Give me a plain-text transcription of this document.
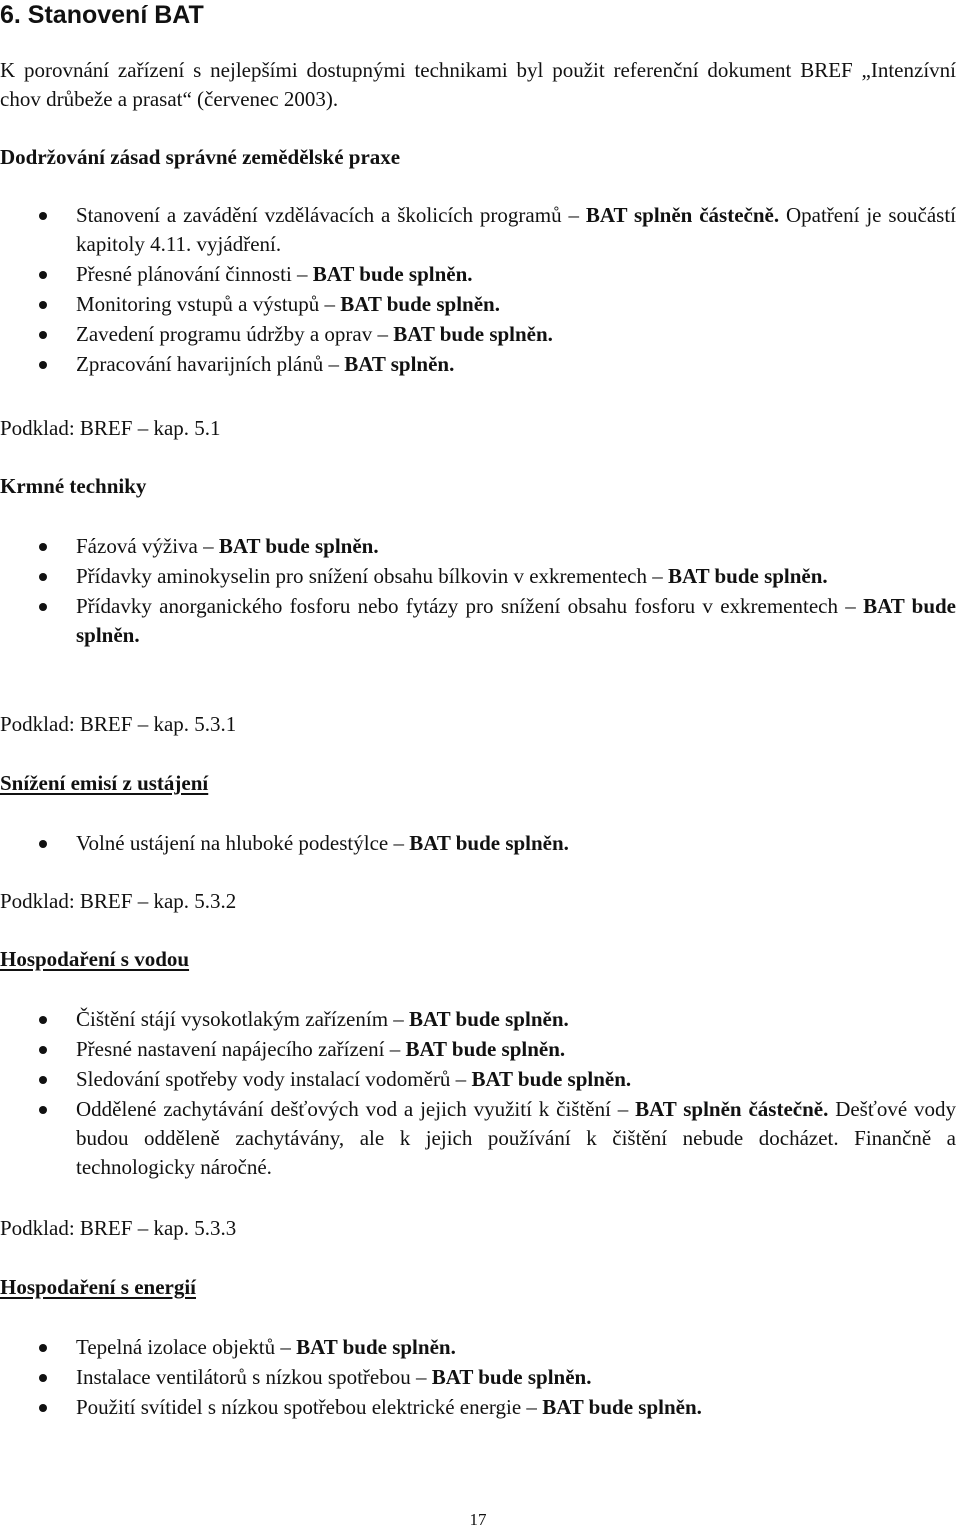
6. Stanovení BAT

K porovnání zařízení s nejlepšími dostupnými technikami byl použit referenční dokument BREF „Intenzívní chov drůbeže a prasat“ (červenec 2003).

Dodržování zásad správné zemědělské praxe

Stanovení a zavádění vzdělávacích a školicích programů – BAT splněn částečně. Opatření je součástí kapitoly 4.11. vyjádření.
Přesné plánování činnosti – BAT bude splněn.
Monitoring vstupů a výstupů – BAT bude splněn.
Zavedení programu údržby a oprav – BAT bude splněn.
Zpracování havarijních plánů – BAT splněn.

Podklad: BREF – kap. 5.1

Krmné techniky

Fázová výživa – BAT bude splněn.
Přídavky aminokyselin pro snížení obsahu bílkovin v exkrementech – BAT bude splněn.
Přídavky anorganického fosforu nebo fytázy pro snížení obsahu fosforu v exkrementech – BAT bude splněn.

Podklad: BREF – kap. 5.3.1

Snížení emisí z ustájení

Volné ustájení na hluboké podestýlce – BAT bude splněn.

Podklad: BREF – kap. 5.3.2

Hospodaření s vodou

Čištění stájí vysokotlakým zařízením – BAT bude splněn.
Přesné nastavení napájecího zařízení – BAT bude splněn.
Sledování spotřeby vody instalací vodoměrů – BAT bude splněn.
Oddělené zachytávání dešťových vod a jejich využití k čištění – BAT splněn částečně. Dešťové vody budou odděleně zachytávány, ale k jejich používání k čištění nebude docházet. Finančně a technologicky náročné.

Podklad: BREF – kap. 5.3.3

Hospodaření s energií

Tepelná izolace objektů – BAT bude splněn.
Instalace ventilátorů s nízkou spotřebou – BAT bude splněn.
Použití svítidel s nízkou spotřebou elektrické energie – BAT bude splněn.
17
